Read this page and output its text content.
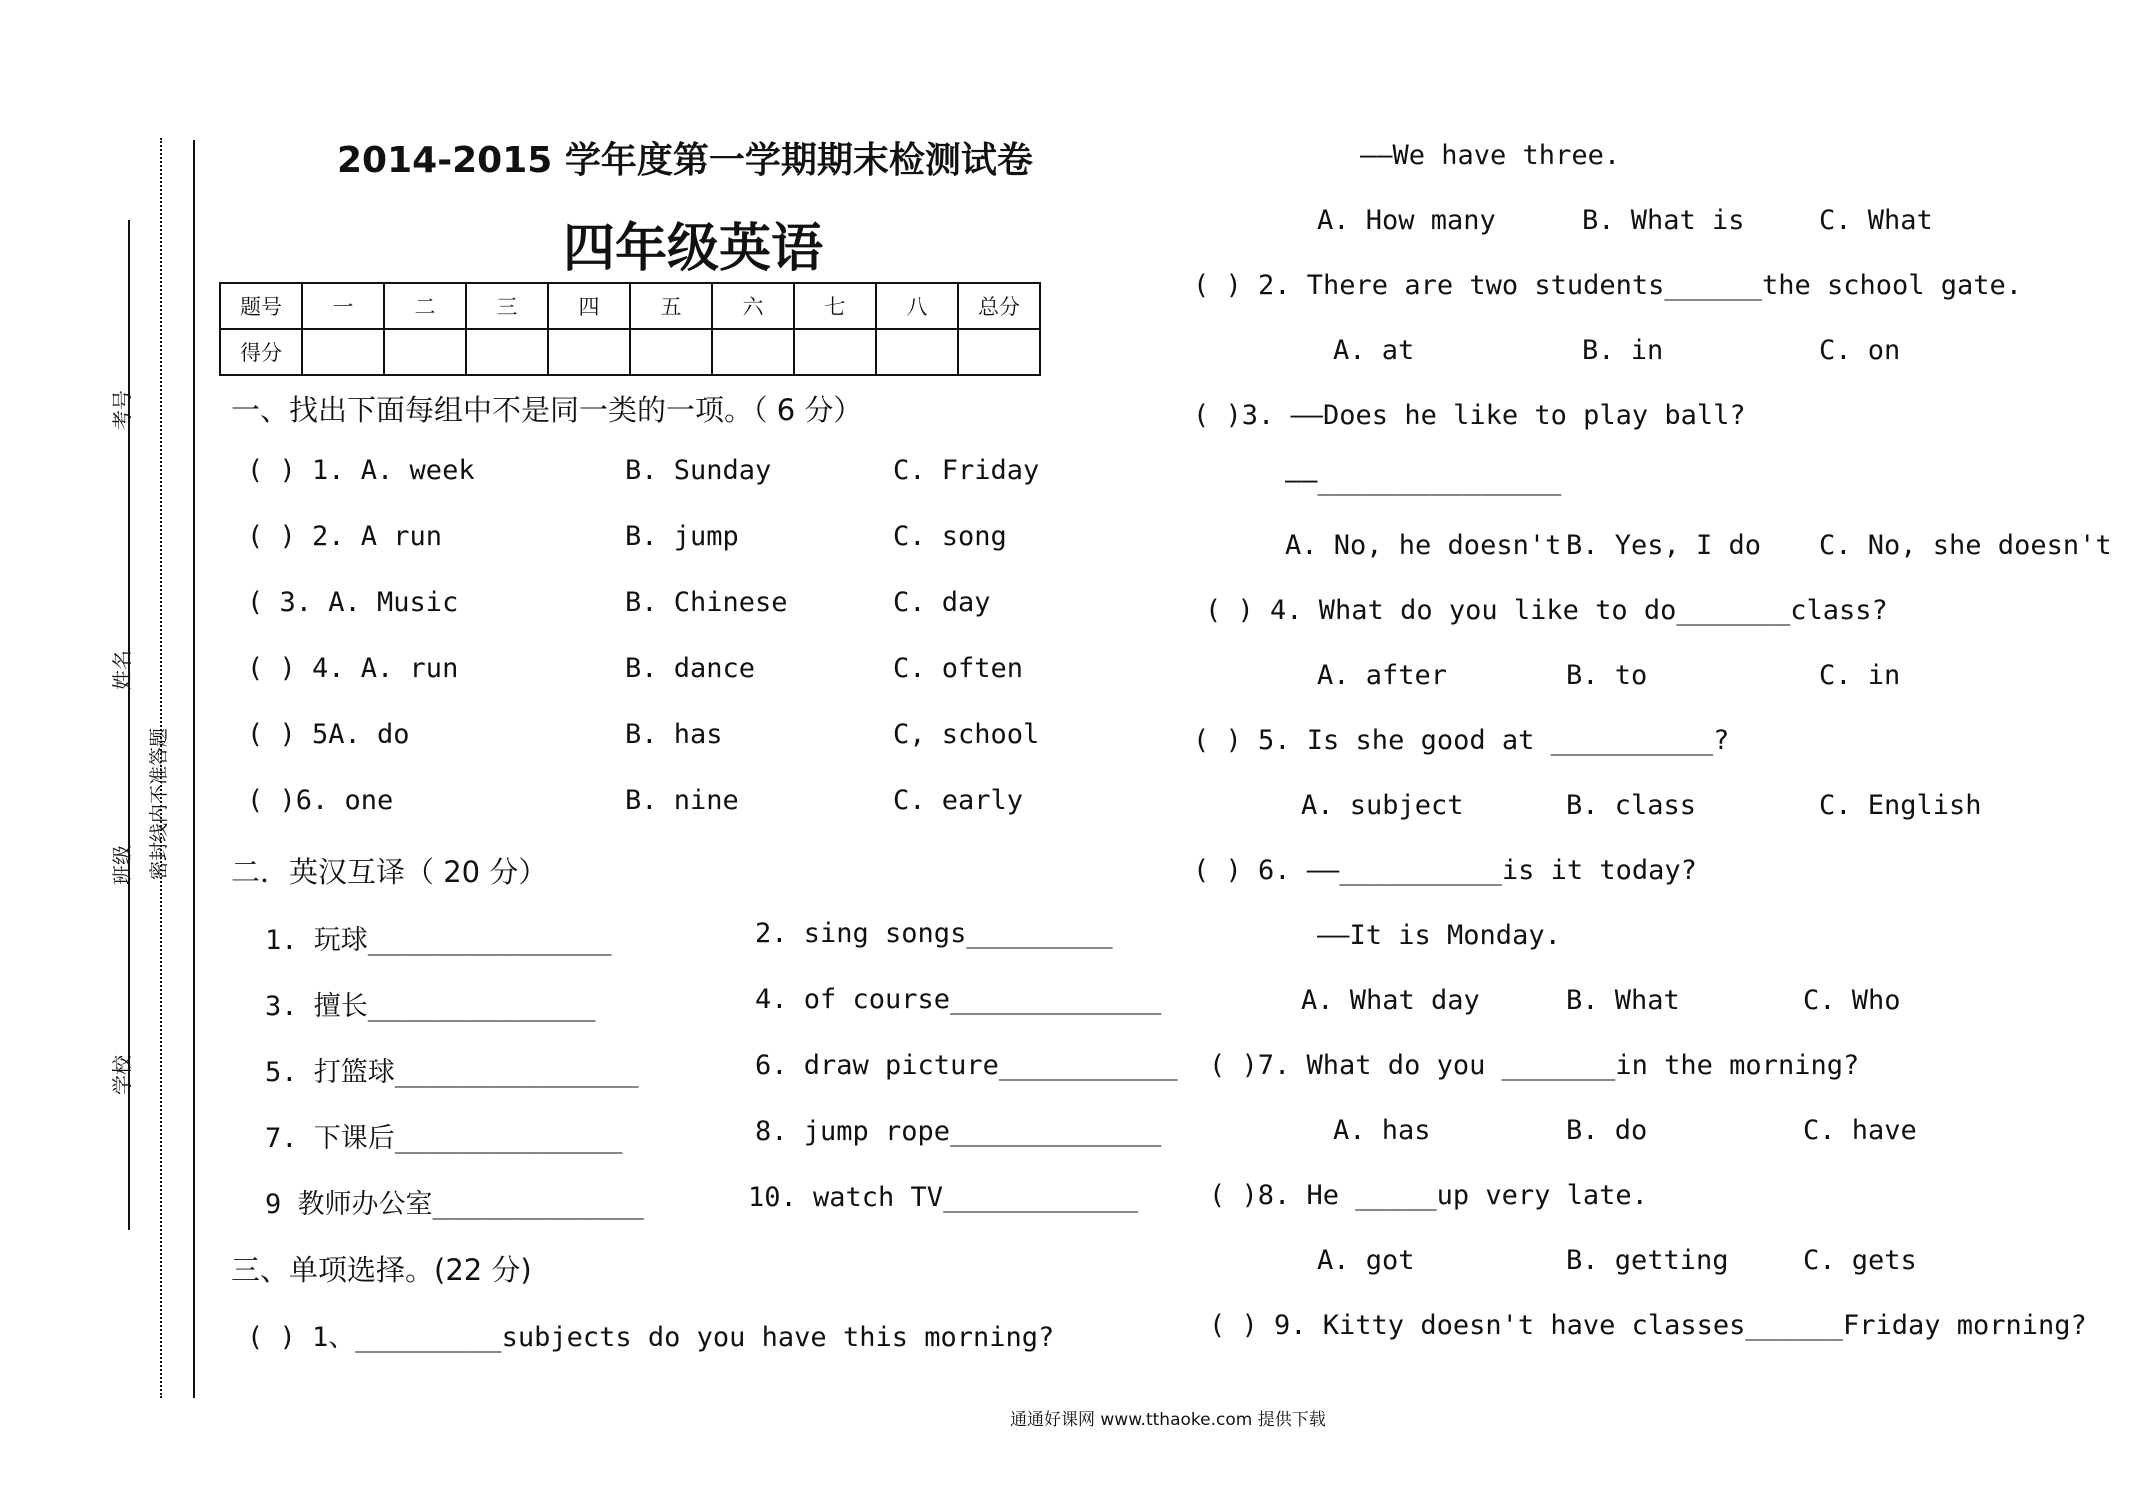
考号
姓名
班级
学校
密封线内不准答题
2014-2015 学年度第一学期期末检测试卷
四年级英语
题号	一	二	三	四	五	六	七	八	总分
得分									
一、找出下面每组中不是同一类的一项。（ 6 分）
( ) 1. A. week	B. Sunday	C. Friday
( ) 2. A run	B. jump	C. song
( 3. A. Music	B. Chinese	C. day
( ) 4. A. run	B. dance	C. often
( ) 5A. do	B. has	C, school
( )6. one	B. nine	C. early
二．英汉互译（ 20 分）
1. 玩球_______________	2. sing songs_________
3. 擅长______________	4. of course_____________
5. 打篮球_______________	6. draw picture___________
7. 下课后______________	8. jump rope_____________
9 教师办公室_____________	10. watch TV____________
三、单项选择。(22 分)
( ) 1、_________subjects do you have this morning?
——We have three.
A. How many	B. What is	C. What
( ) 2. There are two students______the school gate.
A. at	B. in	C. on
( )3. ——Does he like to play ball?
——_______________
A. No, he doesn't B. Yes, I do C. No, she doesn't
( ) 4. What do you like to do_______class?
A. after	B. to	C. in
( ) 5. Is she good at __________?
A. subject	B. class	C. English
( ) 6. ——__________is it today?
——It is Monday.
A. What day	B. What	C. Who
( )7. What do you _______in the morning?
A. has	B. do	C. have
( )8. He _____up very late.
A. got	B. getting	C. gets
( ) 9. Kitty doesn't have classes______Friday morning?
通通好课网 www.tthaoke.com 提供下载
